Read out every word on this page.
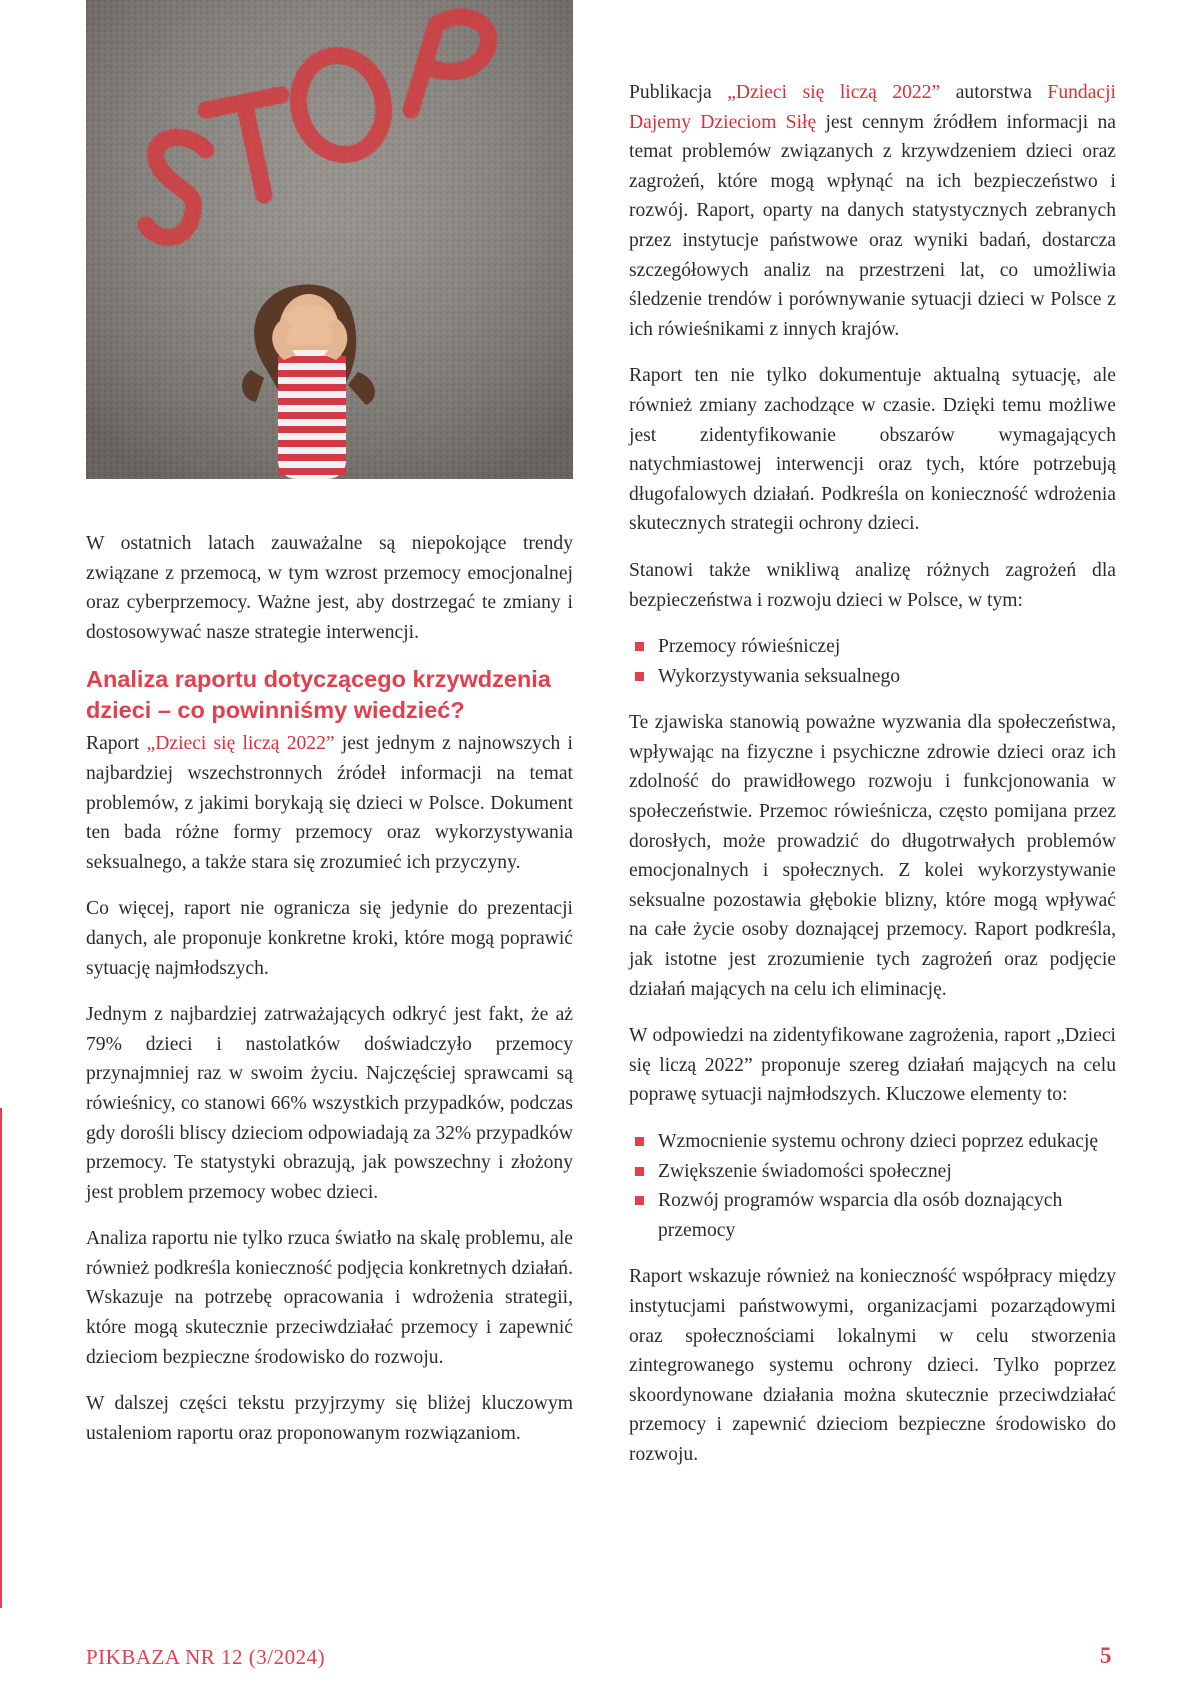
W ostatnich latach zauważalne są niepokojące trendy związane z przemocą, w tym wzrost przemocy emocjonalnej oraz cyberprzemocy. Ważne jest, aby dostrzegać te zmiany i dostosowywać nasze strategie interwencji.

Analiza raportu dotyczącego krzywdzenia
dzieci – co powinniśmy wiedzieć?

Raport „Dzieci się liczą 2022” jest jednym z najnowszych i najbardziej wszechstronnych źródeł informacji na temat problemów, z jakimi borykają się dzieci w Polsce. Dokument ten bada różne formy przemocy oraz wykorzystywania seksualnego, a także stara się zrozumieć ich przyczyny.

Co więcej, raport nie ogranicza się jedynie do prezentacji danych, ale proponuje konkretne kroki, które mogą poprawić sytuację najmłodszych.

Jednym z najbardziej zatrważających odkryć jest fakt, że aż 79% dzieci i nastolatków doświadczyło przemocy przynajmniej raz w swoim życiu. Najczęściej sprawcami są rówieśnicy, co stanowi 66% wszystkich przypadków, podczas gdy dorośli bliscy dzieciom odpowiadają za 32% przypadków przemocy. Te statystyki obrazują, jak powszechny i złożony jest problem przemocy wobec dzieci.

Analiza raportu nie tylko rzuca światło na skalę problemu, ale również podkreśla konieczność podjęcia konkretnych działań. Wskazuje na potrzebę opracowania i wdrożenia strategii, które mogą skutecznie przeciwdziałać przemocy i zapewnić dzieciom bezpieczne środowisko do rozwoju.

W dalszej części tekstu przyjrzymy się bliżej kluczowym ustaleniom raportu oraz proponowanym rozwiązaniom.

Publikacja „Dzieci się liczą 2022” autorstwa Fundacji Dajemy Dzieciom Siłę jest cennym źródłem informacji na temat problemów związanych z krzywdzeniem dzieci oraz zagrożeń, które mogą wpłynąć na ich bezpieczeństwo i rozwój. Raport, oparty na danych statystycznych zebranych przez instytucje państwowe oraz wyniki badań, dostarcza szczegółowych analiz na przestrzeni lat, co umożliwia śledzenie trendów i porównywanie sytuacji dzieci w Polsce z ich rówieśnikami z innych krajów.

Raport ten nie tylko dokumentuje aktualną sytuację, ale również zmiany zachodzące w czasie. Dzięki temu możliwe jest zidentyfikowanie obszarów wymagających natychmiastowej interwencji oraz tych, które potrzebują długofalowych działań. Podkreśla on konieczność wdrożenia skutecznych strategii ochrony dzieci.

Stanowi także wnikliwą analizę różnych zagrożeń dla bezpieczeństwa i rozwoju dzieci w Polsce, w tym:

Przemocy rówieśniczej
Wykorzystywania seksualnego

Te zjawiska stanowią poważne wyzwania dla społeczeństwa, wpływając na fizyczne i psychiczne zdrowie dzieci oraz ich zdolność do prawidłowego rozwoju i funkcjonowania w społeczeństwie. Przemoc rówieśnicza, często pomijana przez dorosłych, może prowadzić do długotrwałych problemów emocjonalnych i społecznych. Z kolei wykorzystywanie seksualne pozostawia głębokie blizny, które mogą wpływać na całe życie osoby doznającej przemocy. Raport podkreśla, jak istotne jest zrozumienie tych zagrożeń oraz podjęcie działań mających na celu ich eliminację.

W odpowiedzi na zidentyfikowane zagrożenia, raport „Dzieci się liczą 2022” proponuje szereg działań mających na celu poprawę sytuacji najmłodszych. Kluczowe elementy to:

Wzmocnienie systemu ochrony dzieci poprzez edukację
Zwiększenie świadomości społecznej
Rozwój programów wsparcia dla osób doznających przemocy

Raport wskazuje również na konieczność współpracy między instytucjami państwowymi, organizacjami pozarządowymi oraz społecznościami lokalnymi w celu stworzenia zintegrowanego systemu ochrony dzieci. Tylko poprzez skoordynowane działania można skutecznie przeciwdziałać przemocy i zapewnić dzieciom bezpieczne środowisko do rozwoju.

PIKBAZA NR 12 (3/2024)	5
